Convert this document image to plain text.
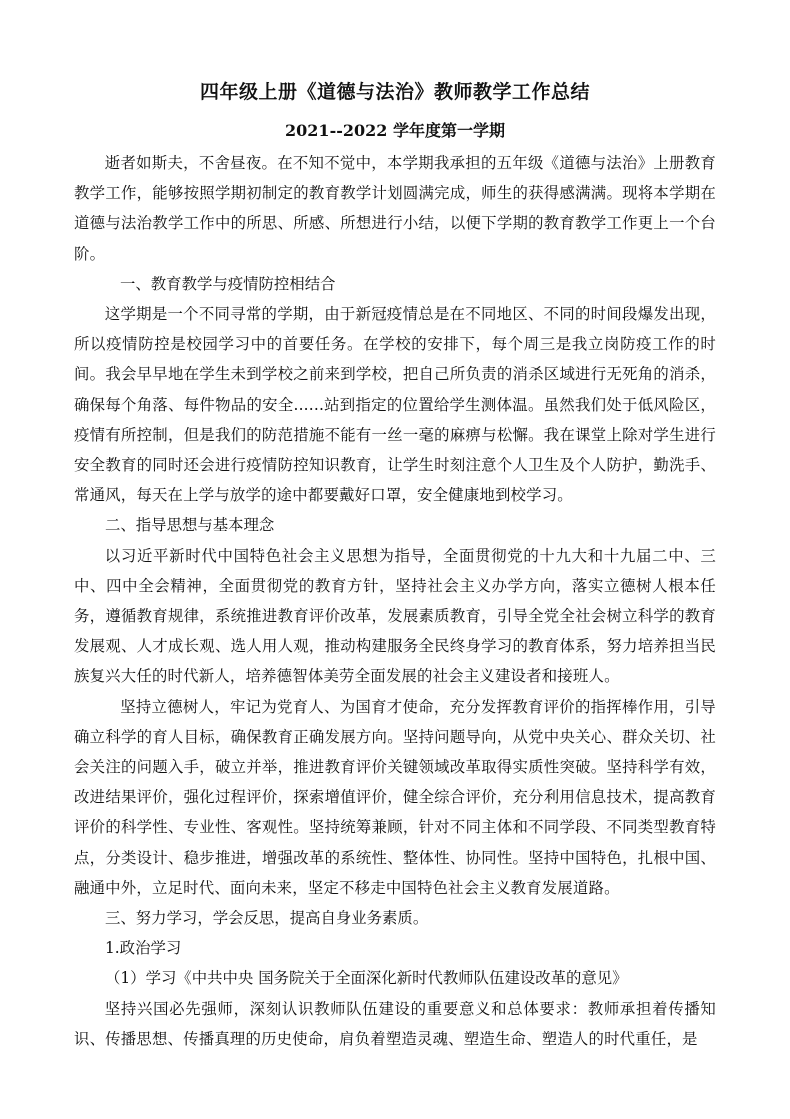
四年级上册《道德与法治》教师教学工作总结
2021--2022 学年度第一学期

逝者如斯夫，不舍昼夜。在不知不觉中，本学期我承担的五年级《道德与法治》上册教育教学工作，能够按照学期初制定的教育教学计划圆满完成，师生的获得感满满。现将本学期在道德与法治教学工作中的所思、所感、所想进行小结，以便下学期的教育教学工作更上一个台阶。

一、教育教学与疫情防控相结合

这学期是一个不同寻常的学期，由于新冠疫情总是在不同地区、不同的时间段爆发出现，所以疫情防控是校园学习中的首要任务。在学校的安排下，每个周三是我立岗防疫工作的时间。我会早早地在学生未到学校之前来到学校，把自己所负责的消杀区域进行无死角的消杀，确保每个角落、每件物品的安全......站到指定的位置给学生测体温。虽然我们处于低风险区，疫情有所控制，但是我们的防范措施不能有一丝一毫的麻痹与松懈。我在课堂上除对学生进行安全教育的同时还会进行疫情防控知识教育，让学生时刻注意个人卫生及个人防护，勤洗手、常通风，每天在上学与放学的途中都要戴好口罩，安全健康地到校学习。

二、指导思想与基本理念

以习近平新时代中国特色社会主义思想为指导，全面贯彻党的十九大和十九届二中、三中、四中全会精神，全面贯彻党的教育方针，坚持社会主义办学方向，落实立德树人根本任务，遵循教育规律，系统推进教育评价改革，发展素质教育，引导全党全社会树立科学的教育发展观、人才成长观、选人用人观，推动构建服务全民终身学习的教育体系，努力培养担当民族复兴大任的时代新人，培养德智体美劳全面发展的社会主义建设者和接班人。

坚持立德树人，牢记为党育人、为国育才使命，充分发挥教育评价的指挥棒作用，引导确立科学的育人目标，确保教育正确发展方向。坚持问题导向，从党中央关心、群众关切、社会关注的问题入手，破立并举，推进教育评价关键领域改革取得实质性突破。坚持科学有效，改进结果评价，强化过程评价，探索增值评价，健全综合评价，充分利用信息技术，提高教育评价的科学性、专业性、客观性。坚持统筹兼顾，针对不同主体和不同学段、不同类型教育特点，分类设计、稳步推进，增强改革的系统性、整体性、协同性。坚持中国特色，扎根中国、融通中外，立足时代、面向未来，坚定不移走中国特色社会主义教育发展道路。

三、努力学习，学会反思，提高自身业务素质。

1.政治学习

（1）学习《中共中央 国务院关于全面深化新时代教师队伍建设改革的意见》

坚持兴国必先强师，深刻认识教师队伍建设的重要意义和总体要求：教师承担着传播知识、传播思想、传播真理的历史使命，肩负着塑造灵魂、塑造生命、塑造人的时代重任，是
